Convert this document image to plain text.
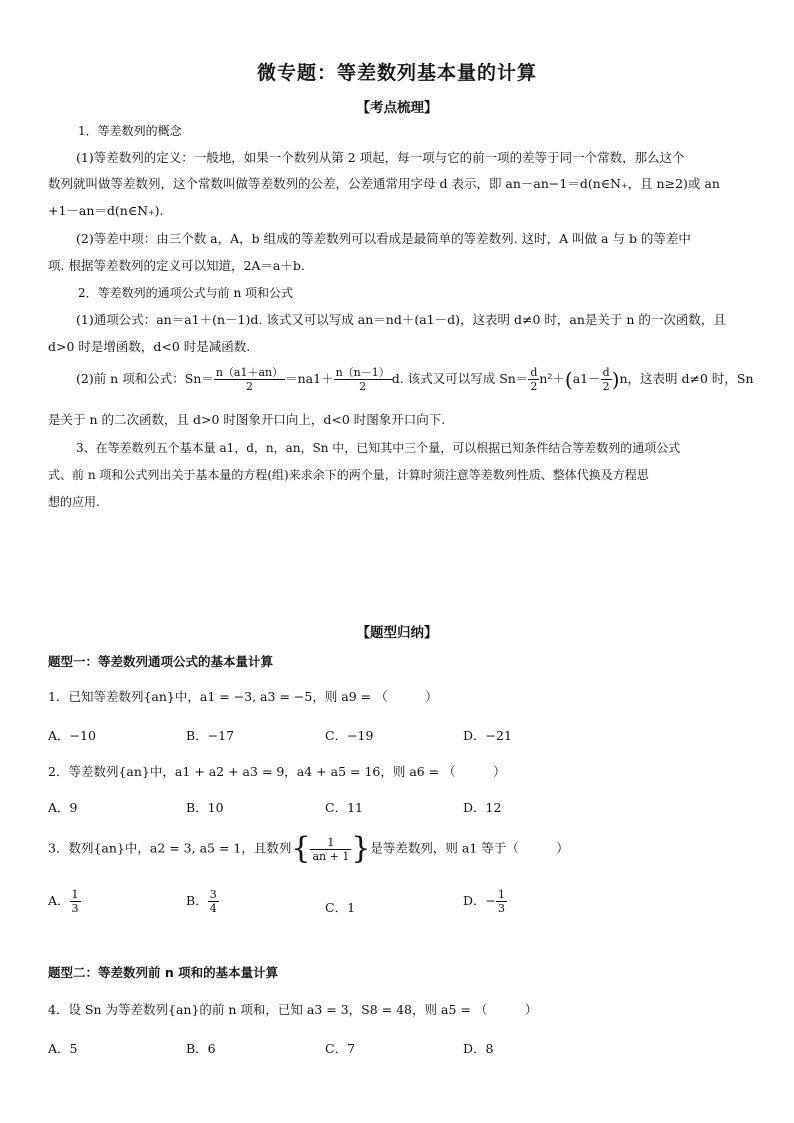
微专题：等差数列基本量的计算
【考点梳理】
1．等差数列的概念
(1)等差数列的定义：一般地，如果一个数列从第 2 项起，每一项与它的前一项的差等于同一个常数，那么这个
数列就叫做等差数列，这个常数叫做等差数列的公差，公差通常用字母 d 表示，即 an－an−1＝d(n∈N₊，且 n≥2)或 an
+1－an＝d(n∈N₊).
(2)等差中项：由三个数 a，A，b 组成的等差数列可以看成是最简单的等差数列. 这时，A 叫做 a 与 b 的等差中
项. 根据等差数列的定义可以知道，2A＝a＋b.
2．等差数列的通项公式与前 n 项和公式
(1)通项公式：an＝a1＋(n－1)d. 该式又可以写成 an＝nd＋(a1－d)，这表明 d≠0 时，an是关于 n 的一次函数，且
d>0 时是增函数，d<0 时是减函数.
(2)前 n 项和公式：$Sn= \frac{n(a1+an)}{2} =na1+ \frac{n(n-1)}{2} d$. 该式又可以写成 $Sn= \frac{d}{2} n^2+(a1- \frac{d}{2} )n$，这表明 d≠0 时，Sn
是关于 n 的二次函数，且 d>0 时图象开口向上，d<0 时图象开口向下.
3、在等差数列五个基本量 a1，d，n，an，Sn 中，已知其中三个量，可以根据已知条件结合等差数列的通项公式
式、前 n 项和公式列出关于基本量的方程(组)来求余下的两个量，计算时须注意等差数列性质、整体代换及方程思
想的应用.
【题型归纳】
题型一：等差数列通项公式的基本量计算
1．已知等差数列{an}中，a1 = −3, a3 = −5，则 a9 = （　　　）
A．−10	B．−17	C．−19	D．−21
2．等差数列{an}中，a1 + a2 + a3 = 9，a4 + a5 = 16，则 a6 = （　　　）
A．9	B．10	C．11	D．12
3．数列{an}中，a2 = 3, a5 = 1，且数列{ $\frac{1}{an + 1}$ }是等差数列，则 a1 等于（　　　）
A． $\frac{1}{3}$	B． $\frac{3}{4}$	C．1	D．− $\frac{1}{3}$
题型二：等差数列前 n 项和的基本量计算
4．设 Sn 为等差数列{an}的前 n 项和，已知 a3 = 3，S8 = 48，则 a5 = （　　　）
A．5	B．6	C．7	D．8
